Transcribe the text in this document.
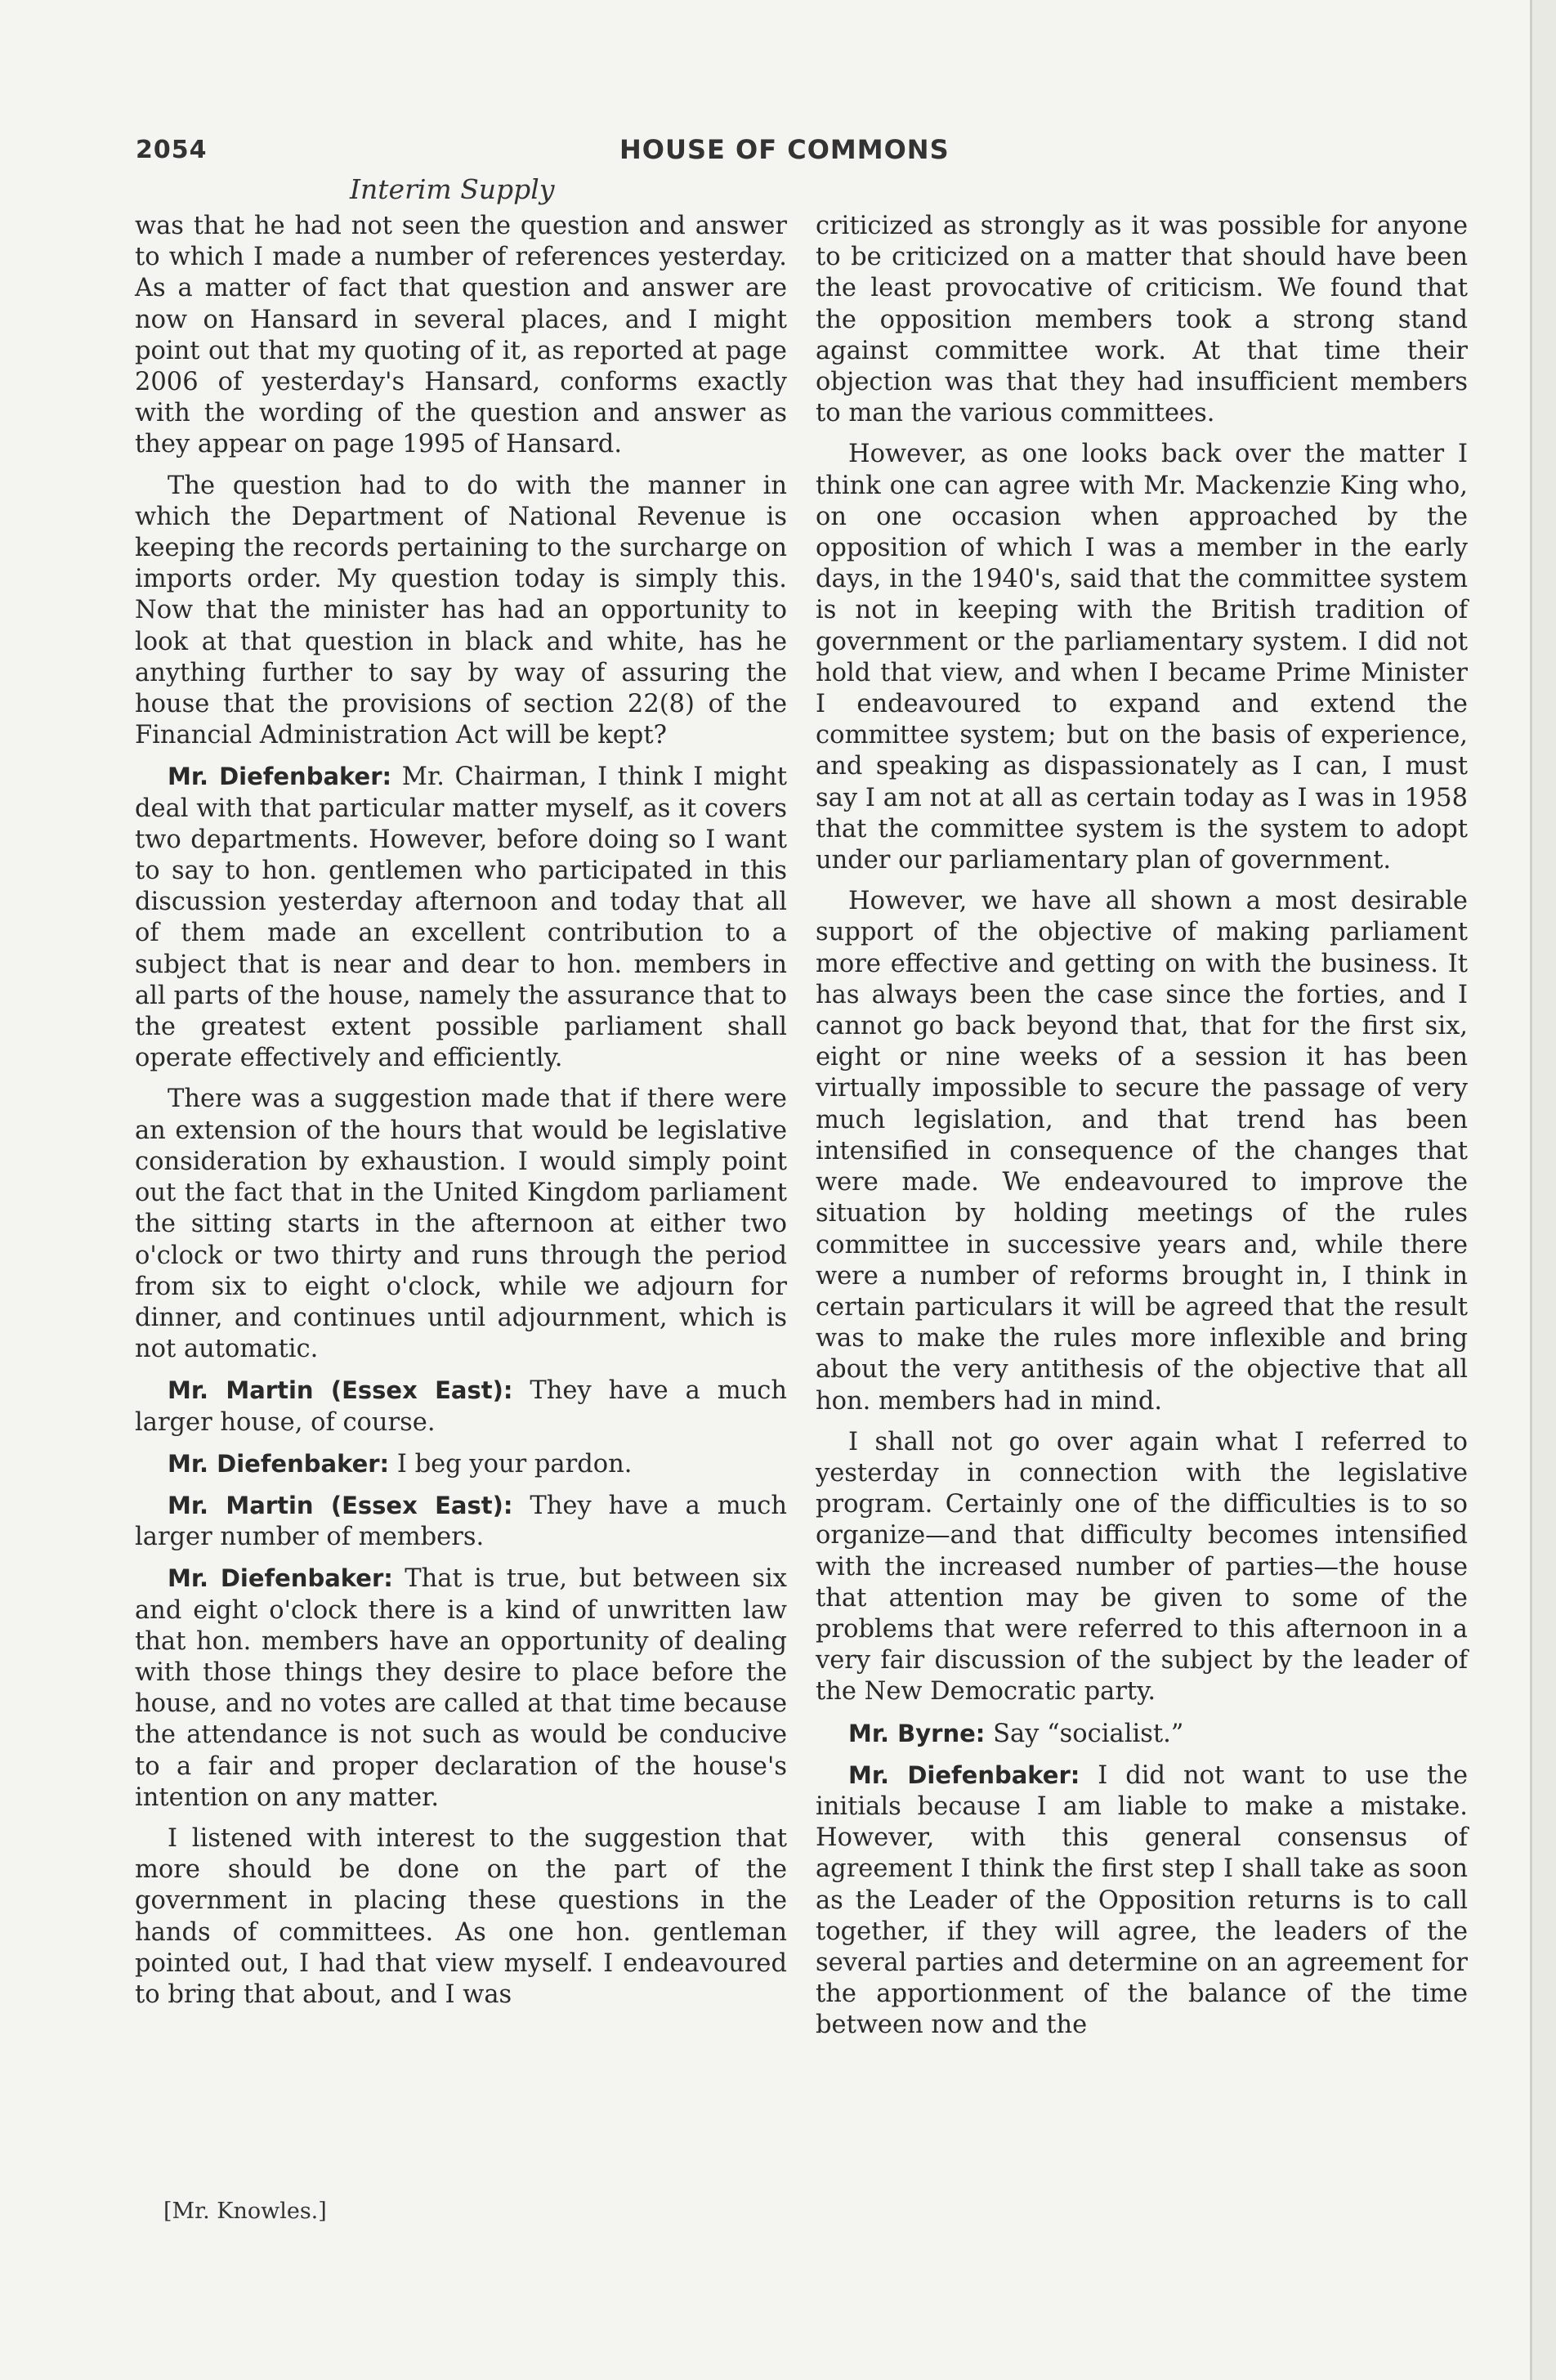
2054	HOUSE OF COMMONS
Interim Supply

was that he had not seen the question and answer to which I made a number of references yesterday. As a matter of fact that question and answer are now on Hansard in several places, and I might point out that my quoting of it, as reported at page 2006 of yesterday's Hansard, conforms exactly with the wording of the question and answer as they appear on page 1995 of Hansard.

The question had to do with the manner in which the Department of National Revenue is keeping the records pertaining to the surcharge on imports order. My question today is simply this. Now that the minister has had an opportunity to look at that question in black and white, has he anything further to say by way of assuring the house that the provisions of section 22(8) of the Financial Administration Act will be kept?

Mr. Diefenbaker: Mr. Chairman, I think I might deal with that particular matter myself, as it covers two departments. However, before doing so I want to say to hon. gentlemen who participated in this discussion yesterday afternoon and today that all of them made an excellent contribution to a subject that is near and dear to hon. members in all parts of the house, namely the assurance that to the greatest extent possible parliament shall operate effectively and efficiently.

There was a suggestion made that if there were an extension of the hours that would be legislative consideration by exhaustion. I would simply point out the fact that in the United Kingdom parliament the sitting starts in the afternoon at either two o'clock or two thirty and runs through the period from six to eight o'clock, while we adjourn for dinner, and continues until adjournment, which is not automatic.

Mr. Martin (Essex East): They have a much larger house, of course.

Mr. Diefenbaker: I beg your pardon.

Mr. Martin (Essex East): They have a much larger number of members.

Mr. Diefenbaker: That is true, but between six and eight o'clock there is a kind of unwritten law that hon. members have an opportunity of dealing with those things they desire to place before the house, and no votes are called at that time because the attendance is not such as would be conducive to a fair and proper declaration of the house's intention on any matter.

I listened with interest to the suggestion that more should be done on the part of the government in placing these questions in the hands of committees. As one hon. gentleman pointed out, I had that view myself. I endeavoured to bring that about, and I was

criticized as strongly as it was possible for anyone to be criticized on a matter that should have been the least provocative of criticism. We found that the opposition members took a strong stand against committee work. At that time their objection was that they had insufficient members to man the various committees.

However, as one looks back over the matter I think one can agree with Mr. Mackenzie King who, on one occasion when approached by the opposition of which I was a member in the early days, in the 1940's, said that the committee system is not in keeping with the British tradition of government or the parliamentary system. I did not hold that view, and when I became Prime Minister I endeavoured to expand and extend the committee system; but on the basis of experience, and speaking as dispassionately as I can, I must say I am not at all as certain today as I was in 1958 that the committee system is the system to adopt under our parliamentary plan of government.

However, we have all shown a most desirable support of the objective of making parliament more effective and getting on with the business. It has always been the case since the forties, and I cannot go back beyond that, that for the first six, eight or nine weeks of a session it has been virtually impossible to secure the passage of very much legislation, and that trend has been intensified in consequence of the changes that were made. We endeavoured to improve the situation by holding meetings of the rules committee in successive years and, while there were a number of reforms brought in, I think in certain particulars it will be agreed that the result was to make the rules more inflexible and bring about the very antithesis of the objective that all hon. members had in mind.

I shall not go over again what I referred to yesterday in connection with the legislative program. Certainly one of the difficulties is to so organize—and that difficulty becomes intensified with the increased number of parties—the house that attention may be given to some of the problems that were referred to this afternoon in a very fair discussion of the subject by the leader of the New Democratic party.

Mr. Byrne: Say “socialist.”

Mr. Diefenbaker: I did not want to use the initials because I am liable to make a mistake. However, with this general consensus of agreement I think the first step I shall take as soon as the Leader of the Opposition returns is to call together, if they will agree, the leaders of the several parties and determine on an agreement for the apportionment of the balance of the time between now and the

[Mr. Knowles.]
